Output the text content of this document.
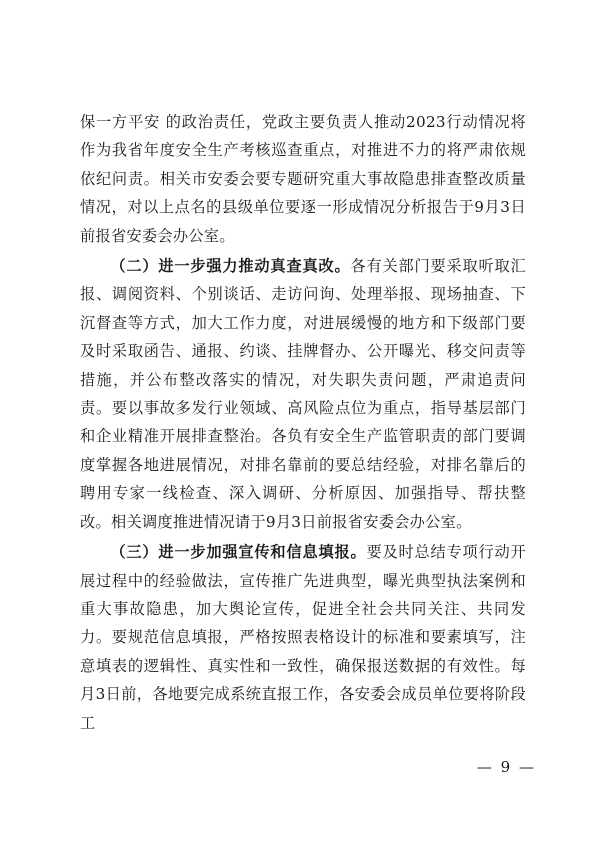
保一方平安 的政治责任，党政主要负责人推动2023行动情况将作为我省年度安全生产考核巡查重点，对推进不力的将严肃依规依纪问责。相关市安委会要专题研究重大事故隐患排查整改质量情况，对以上点名的县级单位要逐一形成情况分析报告于9月3日前报省安委会办公室。

（二）进一步强力推动真查真改。各有关部门要采取听取汇报、调阅资料、个别谈话、走访问询、处理举报、现场抽查、下沉督查等方式，加大工作力度，对进展缓慢的地方和下级部门要及时采取函告、通报、约谈、挂牌督办、公开曝光、移交问责等措施，并公布整改落实的情况，对失职失责问题，严肃追责问责。要以事故多发行业领域、高风险点位为重点，指导基层部门和企业精准开展排查整治。各负有安全生产监管职责的部门要调度掌握各地进展情况，对排名靠前的要总结经验，对排名靠后的聘用专家一线检查、深入调研、分析原因、加强指导、帮扶整改。相关调度推进情况请于9月3日前报省安委会办公室。

（三）进一步加强宣传和信息填报。要及时总结专项行动开展过程中的经验做法，宣传推广先进典型，曝光典型执法案例和重大事故隐患，加大舆论宣传，促进全社会共同关注、共同发力。要规范信息填报，严格按照表格设计的标准和要素填写，注意填表的逻辑性、真实性和一致性，确保报送数据的有效性。每月3日前，各地要完成系统直报工作，各安委会成员单位要将阶段工

— 9 —
